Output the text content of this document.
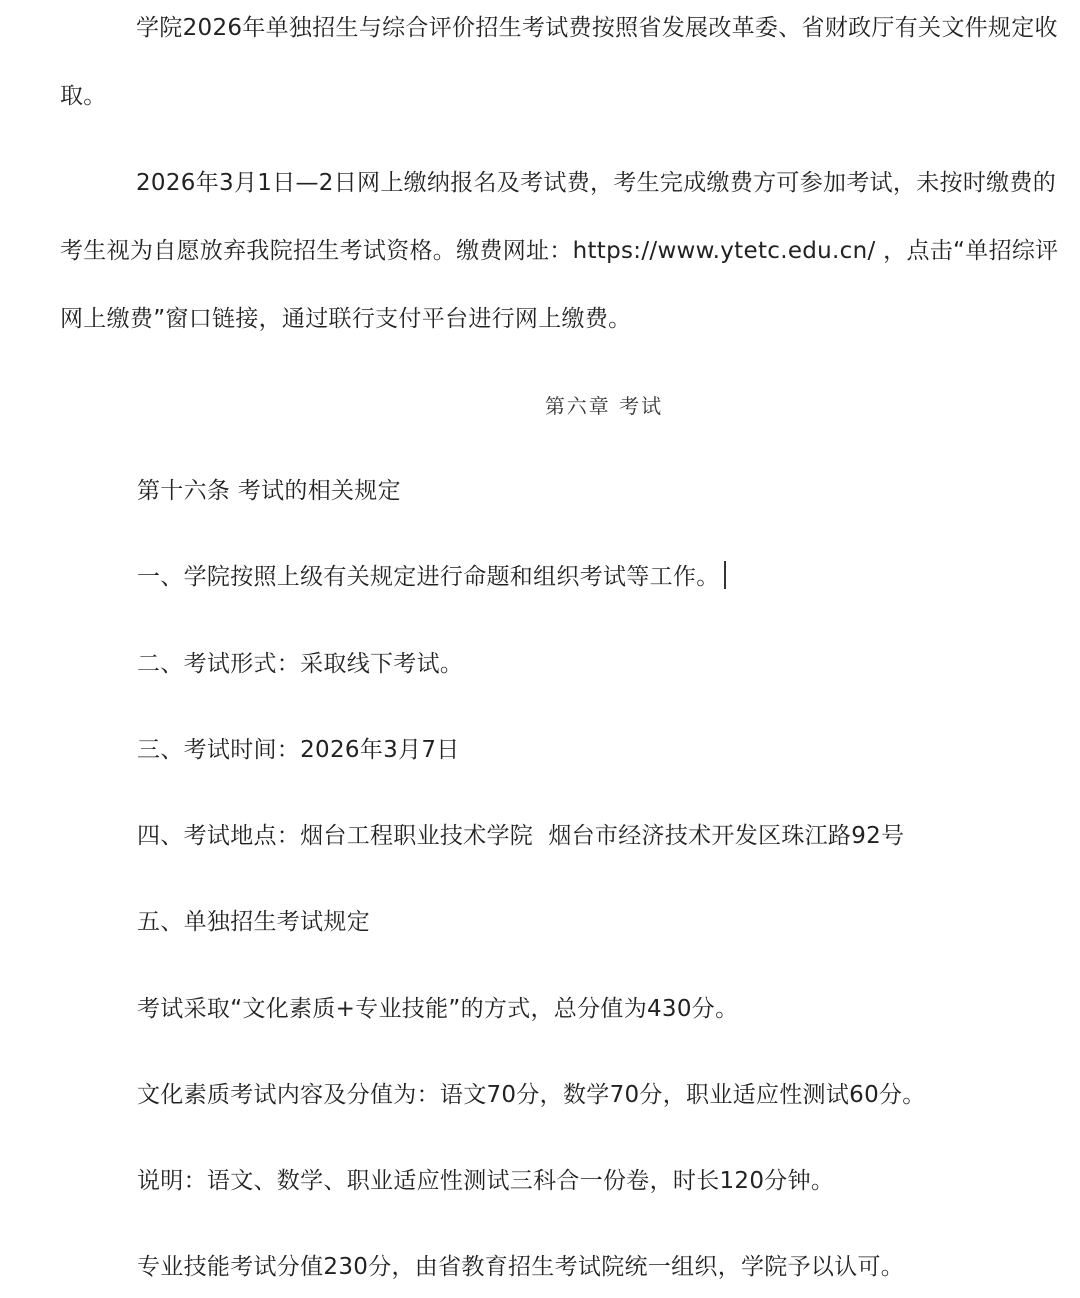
学院2026年单独招生与综合评价招生考试费按照省发展改革委、省财政厅有关文件规定收取。

2026年3月1日—2日网上缴纳报名及考试费，考生完成缴费方可参加考试，未按时缴费的考生视为自愿放弃我院招生考试资格。缴费网址：https://www.ytetc.edu.cn/ ，点击“单招综评网上缴费”窗口链接，通过联行支付平台进行网上缴费。

第六章 考试

第十六条 考试的相关规定

一、学院按照上级有关规定进行命题和组织考试等工作。

二、考试形式：采取线下考试。

三、考试时间：2026年3月7日

四、考试地点：烟台工程职业技术学院  烟台市经济技术开发区珠江路92号

五、单独招生考试规定

考试采取“文化素质+专业技能”的方式，总分值为430分。

文化素质考试内容及分值为：语文70分，数学70分，职业适应性测试60分。

说明：语文、数学、职业适应性测试三科合一份卷，时长120分钟。

专业技能考试分值230分，由省教育招生考试院统一组织，学院予以认可。
